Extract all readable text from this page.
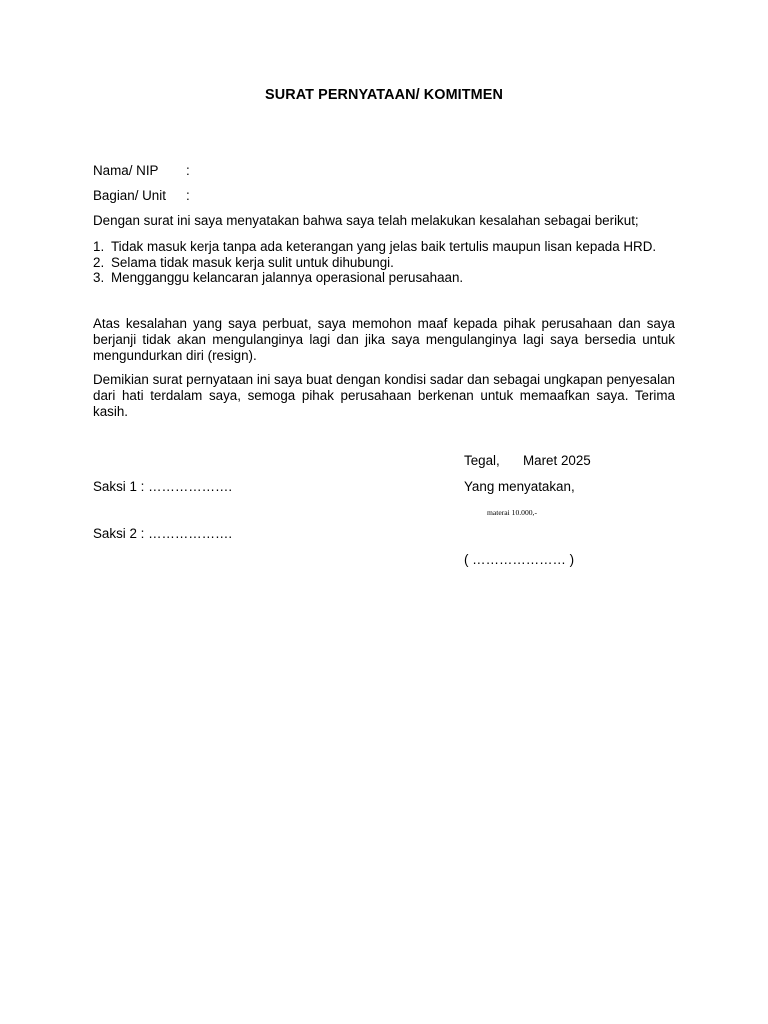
SURAT PERNYATAAN/ KOMITMEN
Nama/ NIP :
Bagian/ Unit :
Dengan surat ini saya menyatakan bahwa saya telah melakukan kesalahan sebagai berikut;
1. Tidak masuk kerja tanpa ada keterangan yang jelas baik tertulis maupun lisan kepada HRD.
2. Selama tidak masuk kerja sulit untuk dihubungi.
3. Mengganggu kelancaran jalannya operasional perusahaan.
Atas kesalahan yang saya perbuat, saya memohon maaf kepada pihak perusahaan dan saya berjanji tidak akan mengulanginya lagi dan jika saya mengulanginya lagi saya bersedia untuk mengundurkan diri (resign).
Demikian surat pernyataan ini saya buat dengan kondisi sadar dan sebagai ungkapan penyesalan dari hati terdalam saya, semoga pihak perusahaan berkenan untuk memaafkan saya. Terima kasih.
Tegal, Maret 2025
Saksi 1 : ……………….	Yang menyatakan,
materai 10.000,-
Saksi 2 : ……………….
( ………………… )
